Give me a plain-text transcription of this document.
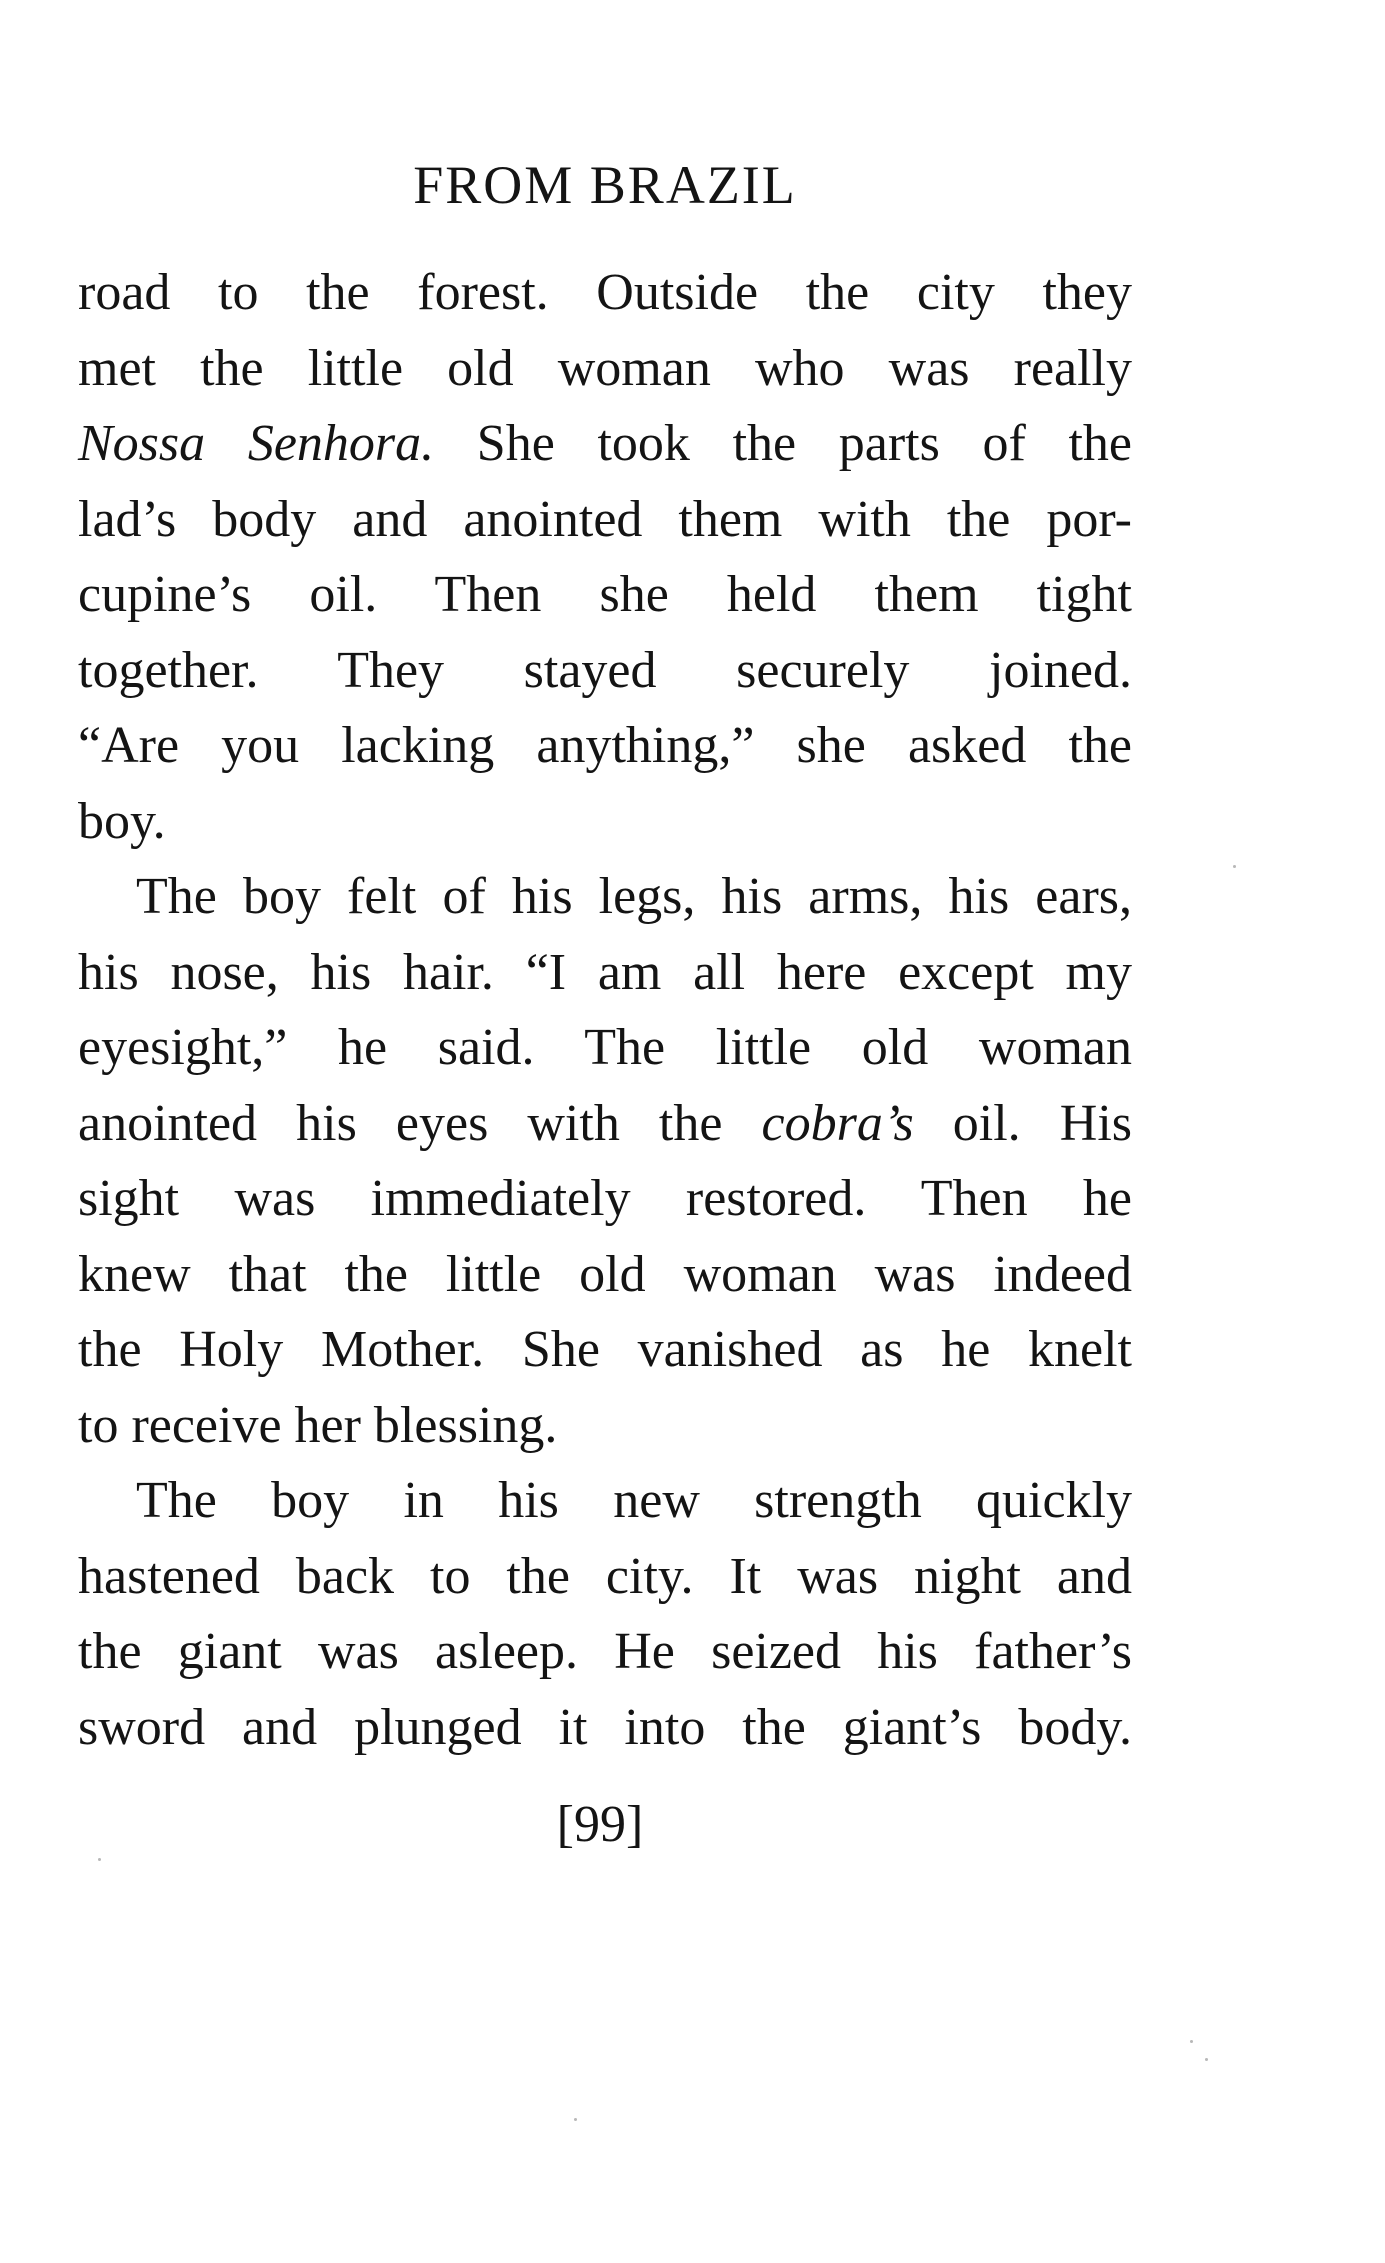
FROM BRAZIL
road to the forest. Outside the city they
met the little old woman who was really
Nossa Senhora. She took the parts of the
lad’s body and anointed them with the por-
cupine’s oil. Then she held them tight
together. They stayed securely joined.
“Are you lacking anything,” she asked the
boy.
The boy felt of his legs, his arms, his ears,
his nose, his hair. “I am all here except my
eyesight,” he said. The little old woman
anointed his eyes with the cobra’s oil. His
sight was immediately restored. Then he
knew that the little old woman was indeed
the Holy Mother. She vanished as he knelt
to receive her blessing.
The boy in his new strength quickly
hastened back to the city. It was night and
the giant was asleep. He seized his father’s
sword and plunged it into the giant’s body.
[99]
